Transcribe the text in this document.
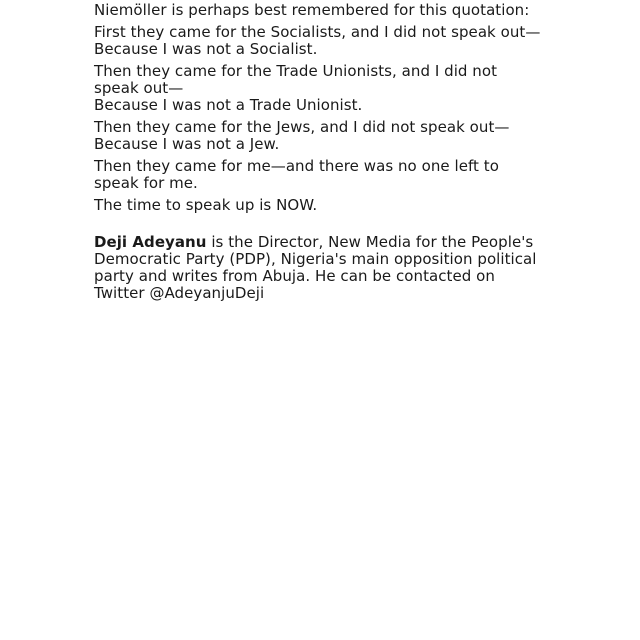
Niemöller is perhaps best remembered for this quotation:

First they came for the Socialists, and I did not speak out—
Because I was not a Socialist.

Then they came for the Trade Unionists, and I did not speak out—
Because I was not a Trade Unionist.

Then they came for the Jews, and I did not speak out—
Because I was not a Jew.

Then they came for me—and there was no one left to speak for me.

The time to speak up is NOW.

Deji Adeyanu is the Director, New Media for the People's Democratic Party (PDP), Nigeria's main opposition political party and writes from Abuja. He can be contacted on Twitter @AdeyanjuDeji
